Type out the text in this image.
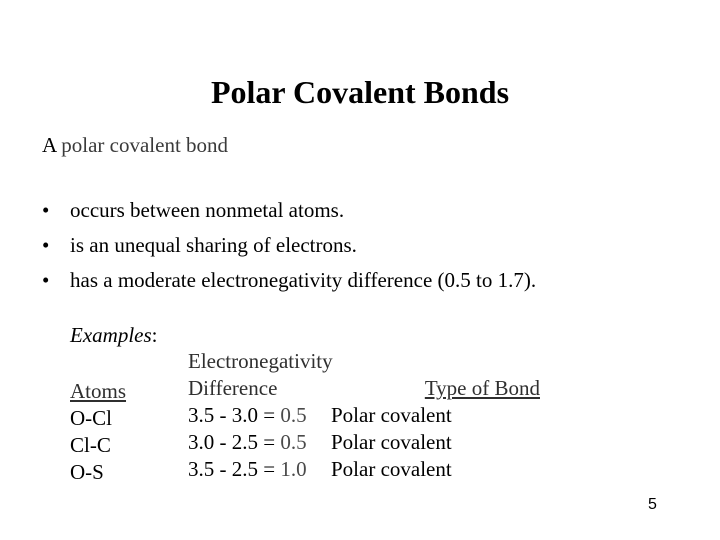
Polar Covalent Bonds
A polar covalent bond
• occurs between nonmetal atoms.
• is an unequal sharing of electrons.
• has a moderate electronegativity difference (0.5 to 1.7).
Examples:
Atoms
O-Cl
Cl-C
O-S
Electronegativity
Difference
3.5 - 3.0 = 0.5 Polar covalent
3.0 - 2.5 = 0.5 Polar covalent
3.5 - 2.5 = 1.0 Polar covalent
Type of Bond
5
